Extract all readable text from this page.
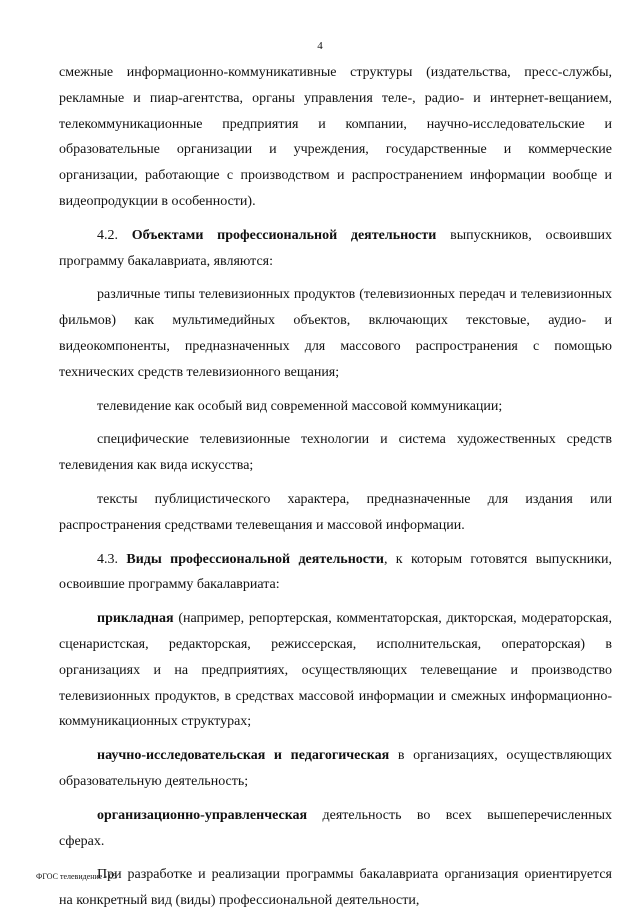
4

смежные информационно-коммуникативные структуры (издательства, пресс-службы, рекламные и пиар-агентства, органы управления теле-, радио- и интернет-вещанием, телекоммуникационные предприятия и компании, научно-исследовательские и образовательные организации и учреждения, государственные и коммерческие организации, работающие с производством и распространением информации вообще и видеопродукции в особенности).

4.2. Объектами профессиональной деятельности выпускников, освоивших программу бакалавриата, являются:

различные типы телевизионных продуктов (телевизионных передач и телевизионных фильмов) как мультимедийных объектов, включающих текстовые, аудио- и видеокомпоненты, предназначенных для массового распространения с помощью технических средств телевизионного вещания;

телевидение как особый вид современной массовой коммуникации;

специфические телевизионные технологии и система художественных средств телевидения как вида искусства;

тексты публицистического характера, предназначенные для издания или распространения средствами телевещания и массовой информации.

4.3. Виды профессиональной деятельности, к которым готовятся выпускники, освоившие программу бакалавриата:

прикладная (например, репортерская, комментаторская, дикторская, модераторская, сценаристская, редакторская, режиссерская, исполнительская, операторская) в организациях и на предприятиях, осуществляющих телевещание и производство телевизионных продуктов, в средствах массовой информации и смежных информационно-коммуникационных структурах;

научно-исследовательская и педагогическая в организациях, осуществляющих образовательную деятельность;

организационно-управленческая деятельность во всех вышеперечисленных сферах.

При разработке и реализации программы бакалавриата организация ориентируется на конкретный вид (виды) профессиональной деятельности,

ФГОС телевидение - 05
